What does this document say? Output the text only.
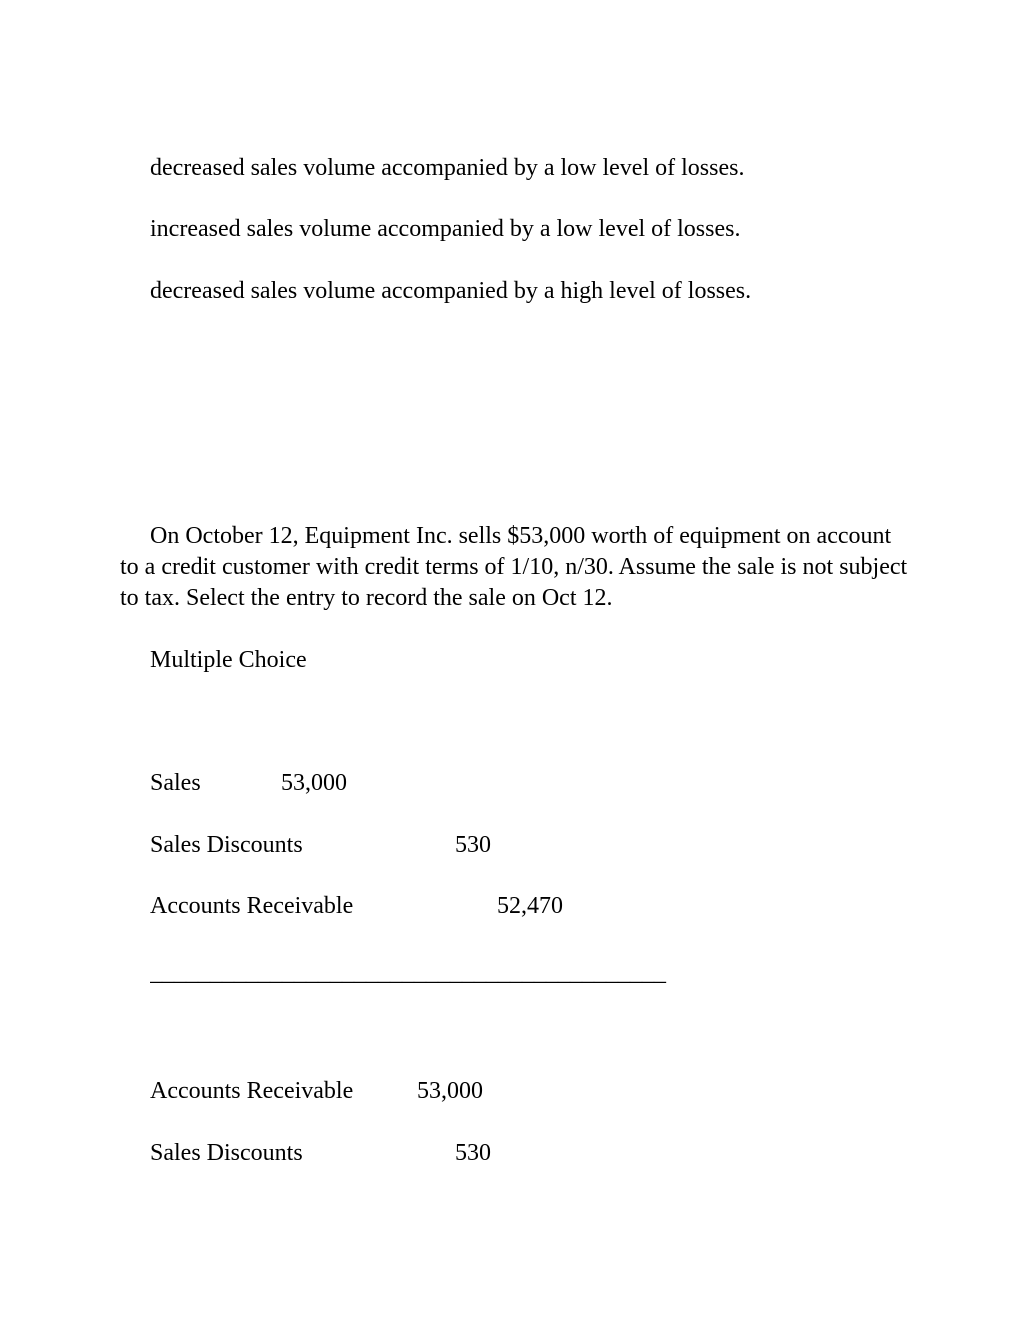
decreased sales volume accompanied by a low level of losses.
increased sales volume accompanied by a low level of losses.
decreased sales volume accompanied by a high level of losses.

On October 12, Equipment Inc. sells $53,000 worth of equipment on account to a credit customer with credit terms of 1/10, n/30. Assume the sale is not subject to tax. Select the entry to record the sale on Oct 12.

Multiple Choice
Sales	53,000
Sales Discounts	530
Accounts Receivable	52,470
___________________________________________
Accounts Receivable	53,000
Sales Discounts	530
